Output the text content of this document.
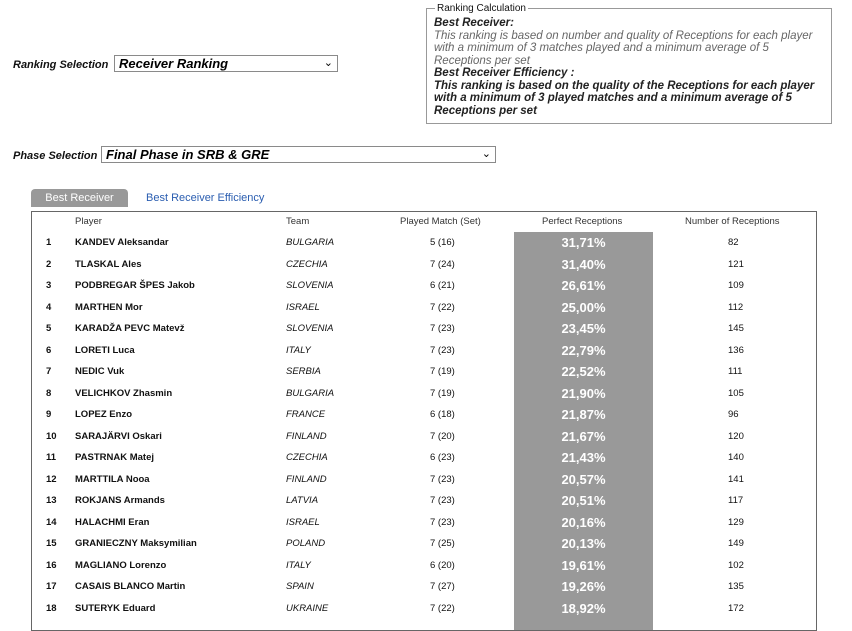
Ranking Selection Receiver Ranking	⌄
Phase Selection Final Phase in SRB & GRE	⌄
Ranking Calculation
Best Receiver:
This ranking is based on number and quality of Receptions for each player with a minimum of 3 matches played and a minimum average of 5 Receptions per set
Best Receiver Efficiency :
This ranking is based on the quality of the Receptions for each player with a minimum of 3 played matches and a minimum average of 5 Receptions per set
Best Receiver	Best Receiver Efficiency
Player	Team	Played Match (Set)	Perfect Receptions	Number of Receptions
1 KANDEV Aleksandar	BULGARIA	5 (16)	31,71%	82
2 TLASKAL Ales	CZECHIA	7 (24)	31,40%	121
3 PODBREGAR ŠPES Jakob	SLOVENIA	6 (21)	26,61%	109
4 MARTHEN Mor	ISRAEL	7 (22)	25,00%	112
5 KARADŽA PEVC Matevž	SLOVENIA	7 (23)	23,45%	145
6 LORETI Luca	ITALY	7 (23)	22,79%	136
7 NEDIC Vuk	SERBIA	7 (19)	22,52%	111
8 VELICHKOV Zhasmin	BULGARIA	7 (19)	21,90%	105
9 LOPEZ Enzo	FRANCE	6 (18)	21,87%	96
10 SARAJÄRVI Oskari	FINLAND	7 (20)	21,67%	120
11 PASTRNAK Matej	CZECHIA	6 (23)	21,43%	140
12 MARTTILA Nooa	FINLAND	7 (23)	20,57%	141
13 ROKJANS Armands	LATVIA	7 (23)	20,51%	117
14 HALACHMI Eran	ISRAEL	7 (23)	20,16%	129
15 GRANIECZNY Maksymilian	POLAND	7 (25)	20,13%	149
16 MAGLIANO Lorenzo	ITALY	6 (20)	19,61%	102
17 CASAIS BLANCO Martin	SPAIN	7 (27)	19,26%	135
18 SUTERYK Eduard	UKRAINE	7 (22)	18,92%	172
